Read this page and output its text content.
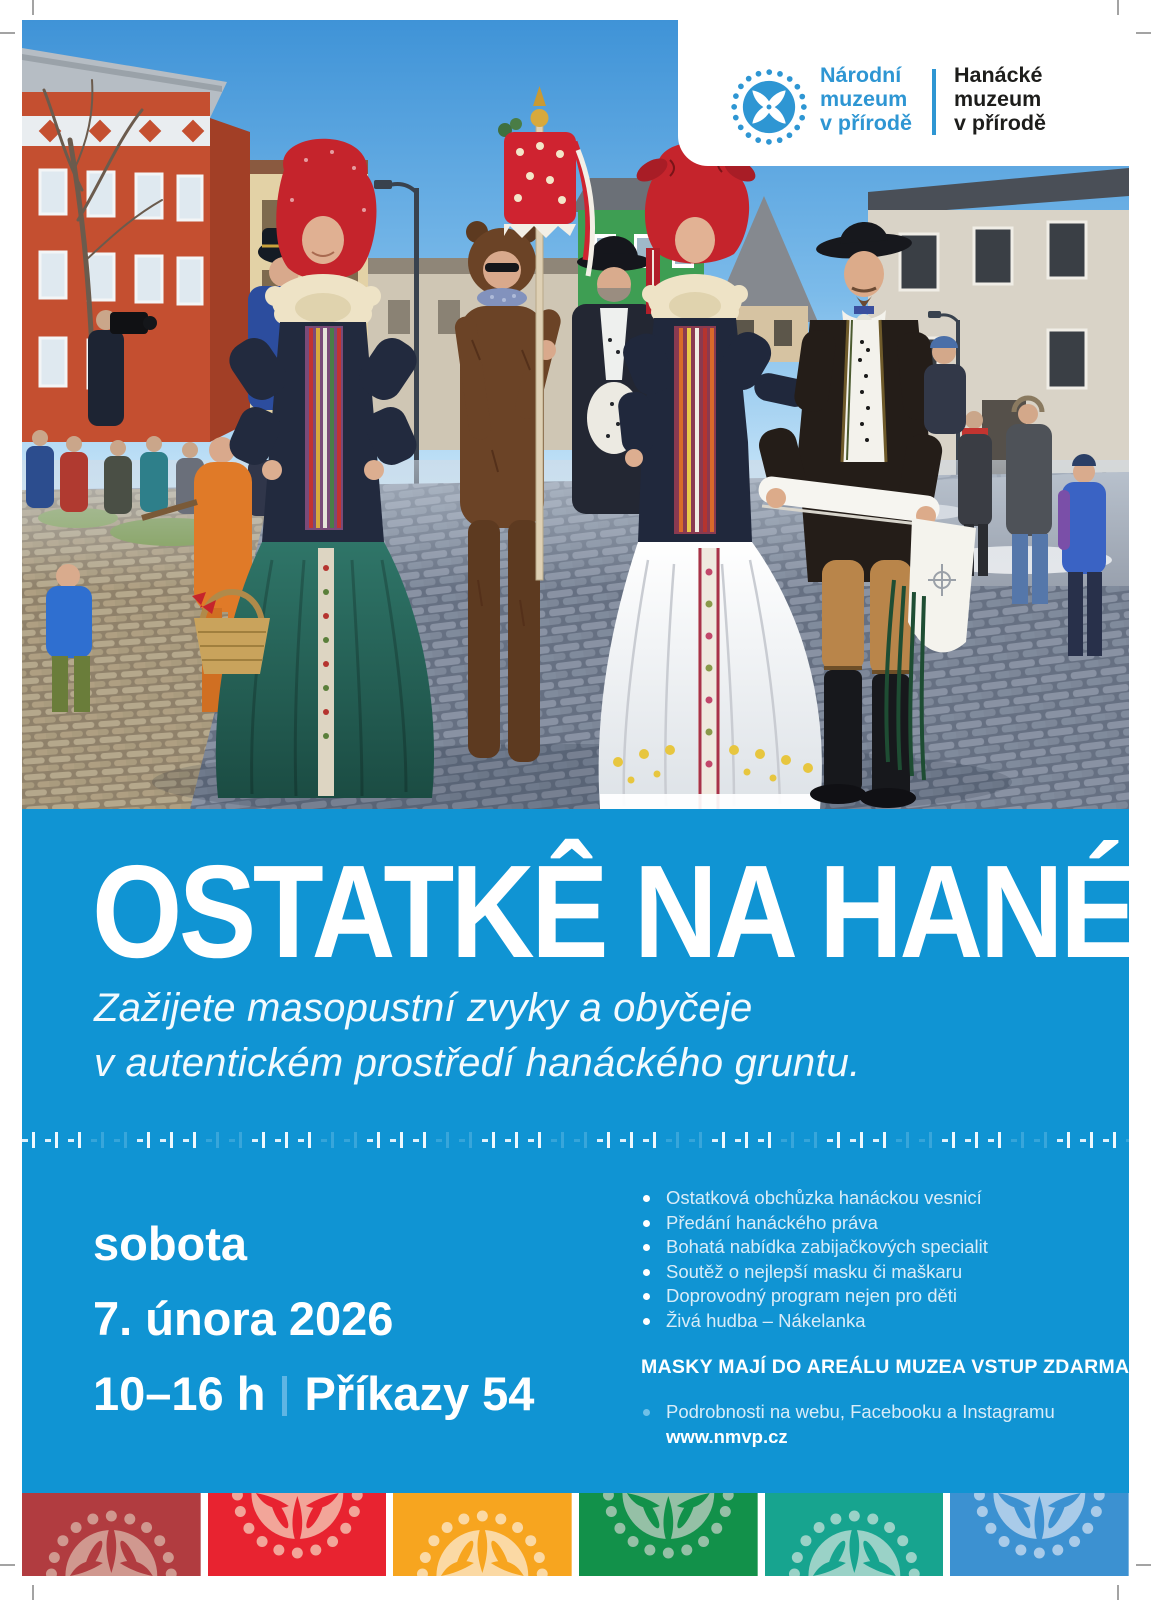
Národní
muzeum
v přírodě
Hanácké
muzeum
v přírodě
OSTATKÊ NA HANÉ
Zažijete masopustní zvyky a obyčeje
v autentickém prostředí hanáckého gruntu.
sobota
7. února 2026
10–16 h Příkazy 54
Ostatková obchůzka hanáckou vesnicí
Předání hanáckého práva
Bohatá nabídka zabijačkových specialit
Soutěž o nejlepší masku či maškaru
Doprovodný program nejen pro děti
Živá hudba – Nákelanka
MASKY MAJÍ DO AREÁLU MUZEA VSTUP ZDARMA
Podrobnosti na webu, Facebooku a Instagramu
www.nmvp.cz
